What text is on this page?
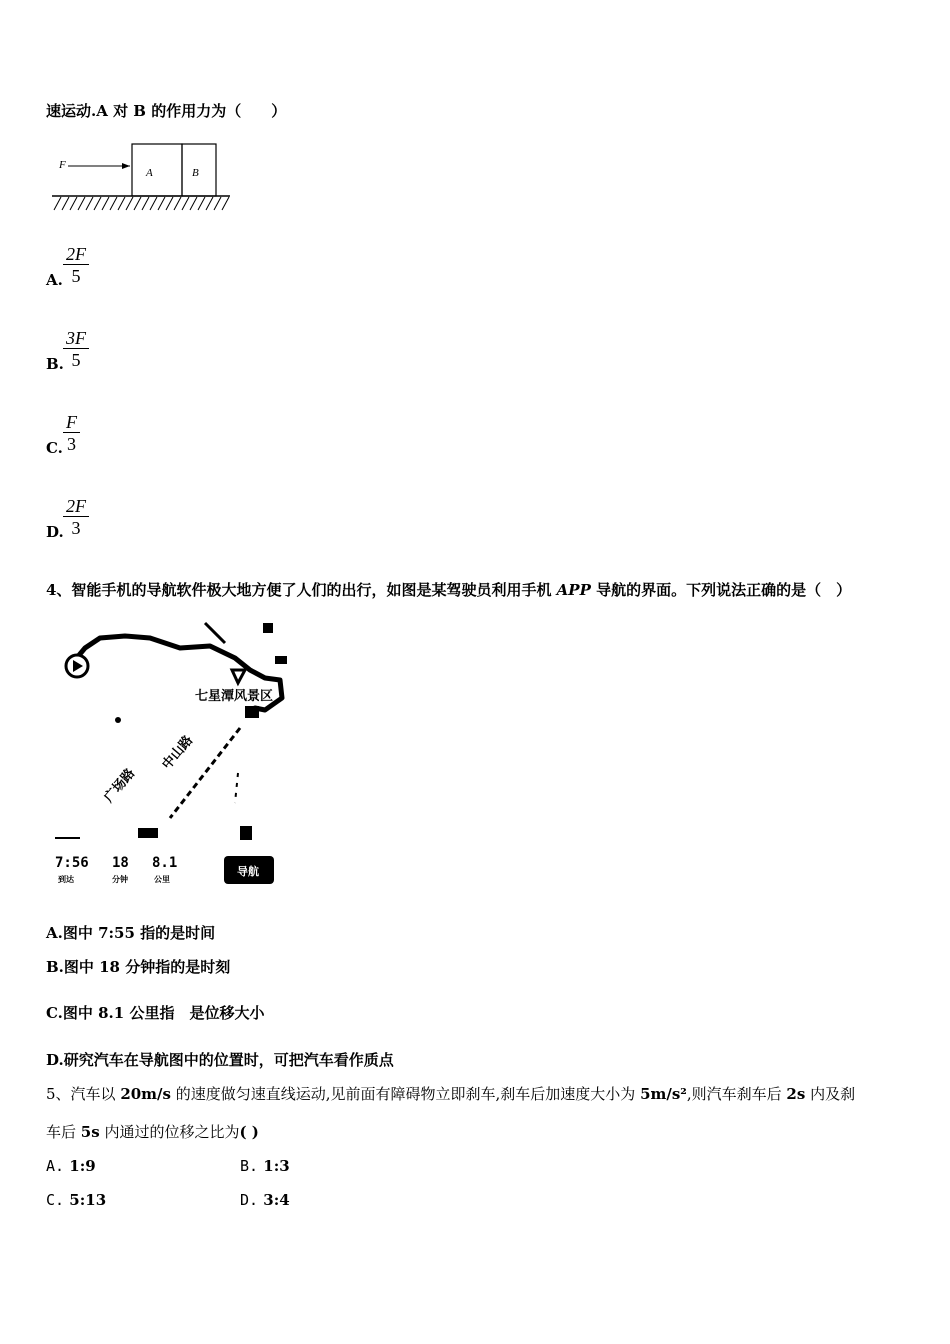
速运动.A 对 B 的作用力为（　　）
F
A	B
A.
2F
5
B.
3F
5
C.
F
3
D.
2F
3
4、智能手机的导航软件极大地方便了人们的出行，如图是某驾驶员利用手机 APP 导航的界面。下列说法正确的是（　）
七星潭风景区
广场路
中山路
7:56
到达
18
分钟
8.1
公里
导航
A.图中 7:55 指的是时间
B.图中 18 分钟指的是时刻
C.图中 8.1 公里指　是位移大小
D.研究汽车在导航图中的位置时，可把汽车看作质点
5、汽车以 20m/s 的速度做匀速直线运动,见前面有障碍物立即刹车,刹车后加速度大小为 5m/s²,则汽车刹车后 2s 内及刹
车后 5s 内通过的位移之比为( )
A. 1:9	B. 1:3
C. 5:13	D. 3:4
